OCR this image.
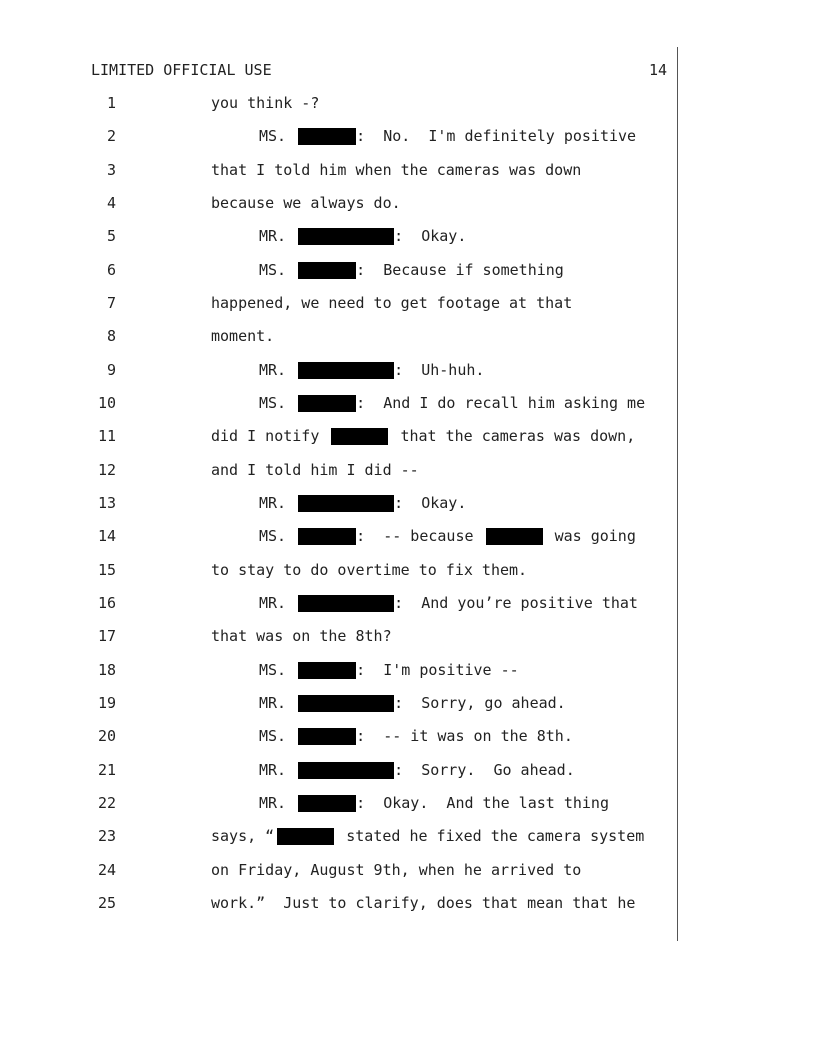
LIMITED OFFICIAL USE	14

1

	you think -?

2

	MS.	:  No.  I'm definitely positive

3

	that I told him when the cameras was down

4

	because we always do.

5

	MR.	:  Okay.

6

	MS.	:  Because if something

7

	happened, we need to get footage at that

8

	moment.

9

	MR.	:  Uh-huh.

10

	MS.	:  And I do recall him asking me

11

	did I notify	that the cameras was down,

12

	and I told him I did --

13

	MR.	:  Okay.

14

	MS.	:  -- because	was going

15

	to stay to do overtime to fix them.

16

	MR.	:  And you’re positive that

17

	that was on the 8th?

18

	MS.	:  I'm positive --

19

	MR.	:  Sorry, go ahead.

20

	MS.	:  -- it was on the 8th.

21

	MR.	:  Sorry.  Go ahead.

22

	MR.	:  Okay.  And the last thing

23

	says, “	stated he fixed the camera system

24

	on Friday, August 9th, when he arrived to

25

	work.”  Just to clarify, does that mean that he
